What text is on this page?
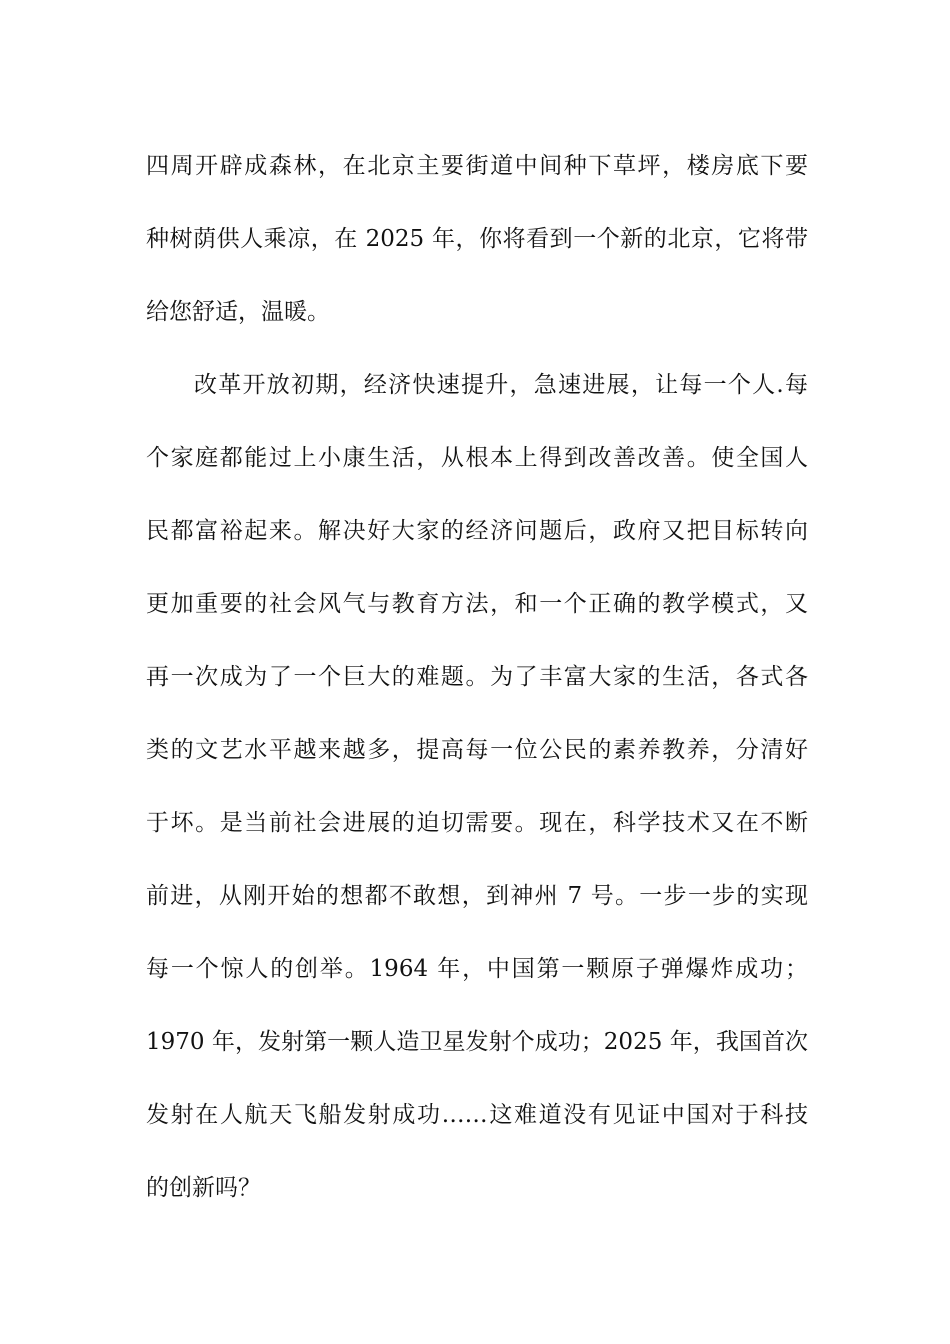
四周开辟成森林，在北京主要街道中间种下草坪，楼房底下要
种树荫供人乘凉，在 2025 年，你将看到一个新的北京，它将带
给您舒适，温暖。
改革开放初期，经济快速提升，急速进展，让每一个人.每
个家庭都能过上小康生活，从根本上得到改善改善。使全国人
民都富裕起来。解决好大家的经济问题后，政府又把目标转向
更加重要的社会风气与教育方法，和一个正确的教学模式，又
再一次成为了一个巨大的难题。为了丰富大家的生活，各式各
类的文艺水平越来越多，提高每一位公民的素养教养，分清好
于坏。是当前社会进展的迫切需要。现在，科学技术又在不断
前进，从刚开始的想都不敢想，到神州 7 号。一步一步的实现
每一个惊人的创举。1964 年，中国第一颗原子弹爆炸成功；
1970 年，发射第一颗人造卫星发射个成功；2025 年，我国首次
发射在人航天飞船发射成功……这难道没有见证中国对于科技
的创新吗？
